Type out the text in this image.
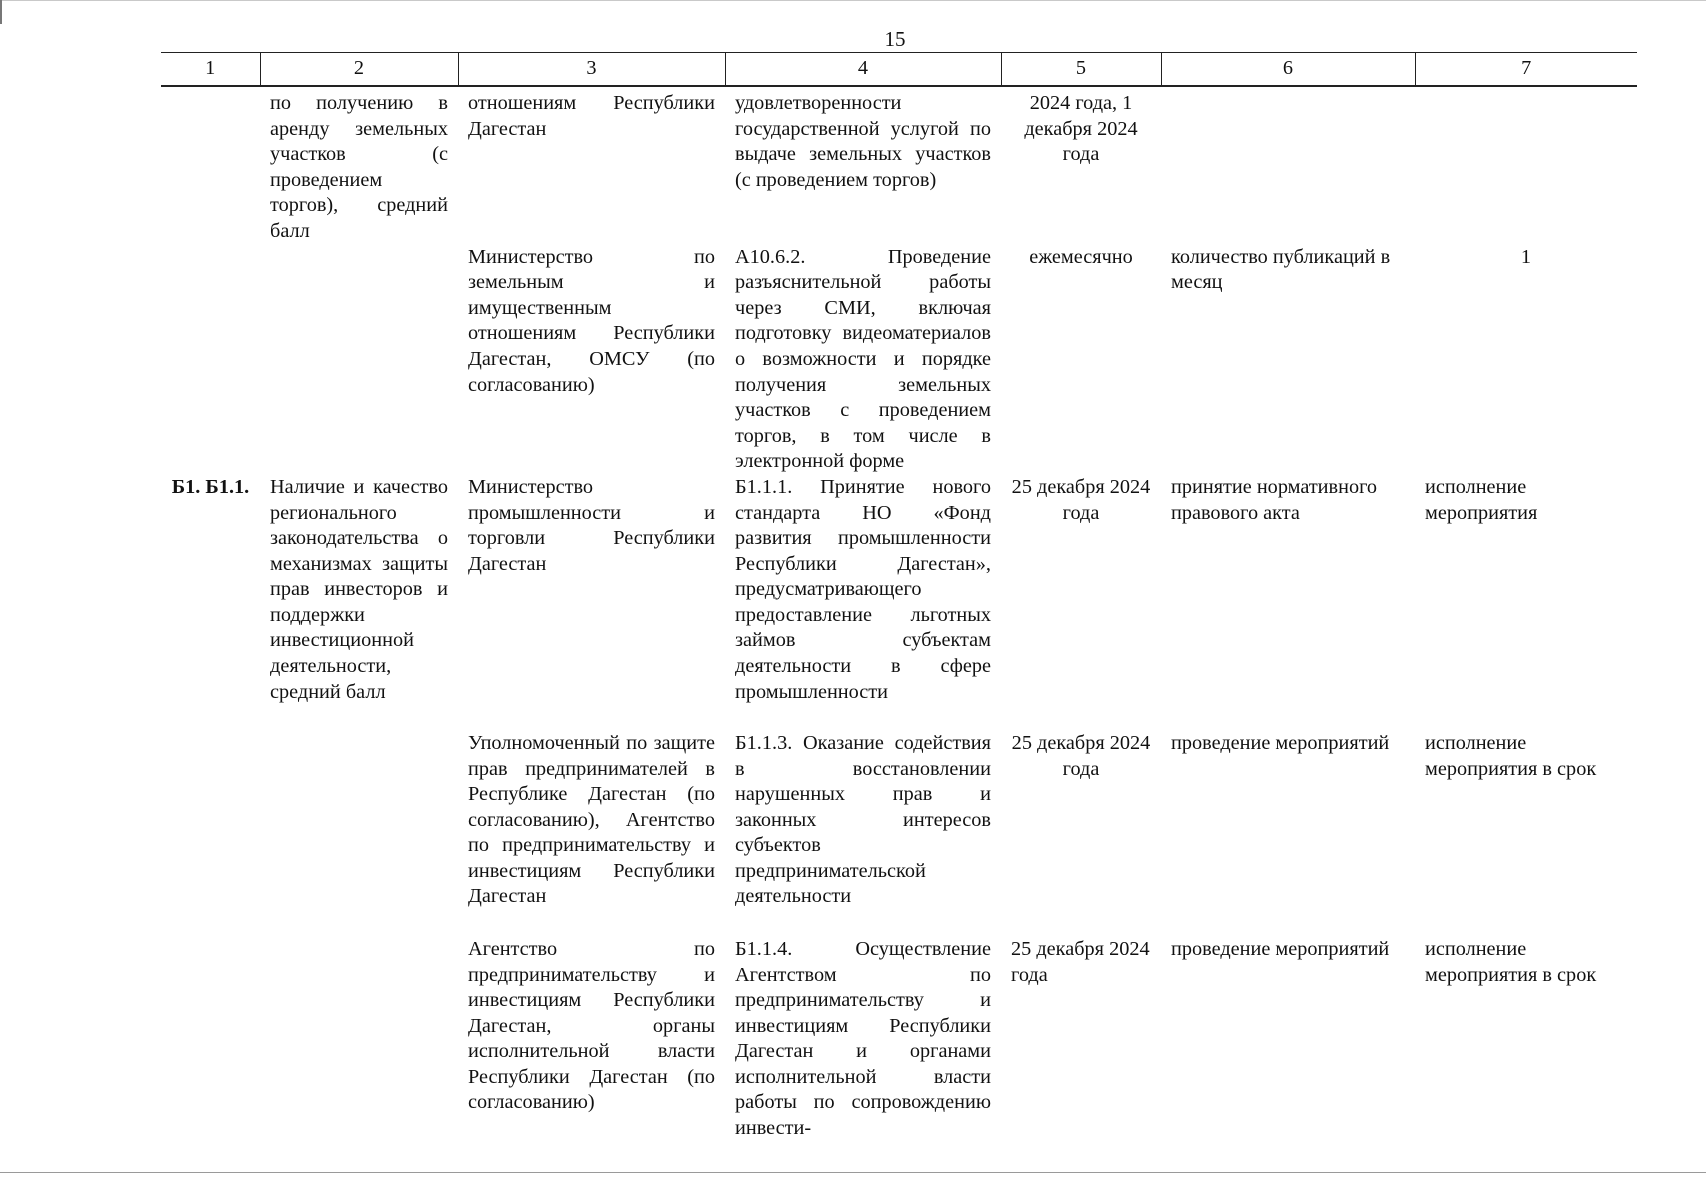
15
1	2	3	4	5	6	7
	по получению в аренду земельных участков (с проведением торгов), средний балл	отношениям Республики Дагестан	удовлетворенности государственной услугой по выдаче земельных участков (с проведением торгов)	2024 года, 1 декабря 2024 года		
		Министерство по земельным и имущественным отношениям Республики Дагестан, ОМСУ (по согласованию)	А10.6.2. Проведение разъяснительной работы через СМИ, включая подготовку видеоматериалов о возможности и порядке получения земельных участков с проведением торгов, в том числе в электронной форме	ежемесячно	количество публикаций в месяц	1
Б1. Б1.1.	Наличие и качество регионального законодательства о механизмах защиты прав инвесторов и поддержки инвестиционной деятельности, средний балл	Министерство промышленности и торговли Республики Дагестан	Б1.1.1. Принятие нового стандарта НО «Фонд развития промышленности Республики Дагестан», предусматривающего предоставление льготных займов субъектам деятельности в сфере промышленности	25 декабря 2024 года	принятие нормативного правового акта	исполнение мероприятия
		Уполномоченный по защите прав предпринимателей в Республике Дагестан (по согласованию), Агентство по предпринимательству и инвестициям Республики Дагестан	Б1.1.3. Оказание содействия в восстановлении нарушенных прав и законных интересов субъектов предпринимательской деятельности	25 декабря 2024 года	проведение мероприятий	исполнение мероприятия в срок
		Агентство по предпринимательству и инвестициям Республики Дагестан, органы исполнительной власти Республики Дагестан (по согласованию)	Б1.1.4. Осуществление Агентством по предпринимательству и инвестициям Республики Дагестан и органами исполнительной власти работы по сопровождению инвести-	25 декабря 2024 года	проведение мероприятий	исполнение мероприятия в срок
